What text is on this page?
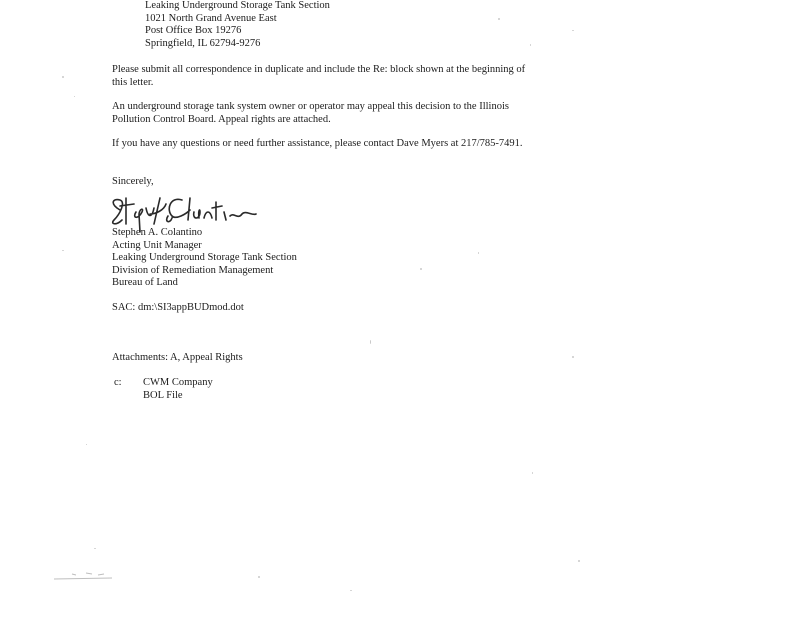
Leaking Underground Storage Tank Section
1021 North Grand Avenue East
Post Office Box 19276
Springfield, IL 62794-9276

Please submit all correspondence in duplicate and include the Re: block shown at the beginning of this letter.

An underground storage tank system owner or operator may appeal this decision to the Illinois Pollution Control Board. Appeal rights are attached.

If you have any questions or need further assistance, please contact Dave Myers at 217/785-7491.

Sincerely,

Stephen A. Colantino
Acting Unit Manager
Leaking Underground Storage Tank Section
Division of Remediation Management
Bureau of Land

SAC: dm:\SI3appBUDmod.dot

Attachments: A, Appeal Rights

c: CWM Company
BOL File
